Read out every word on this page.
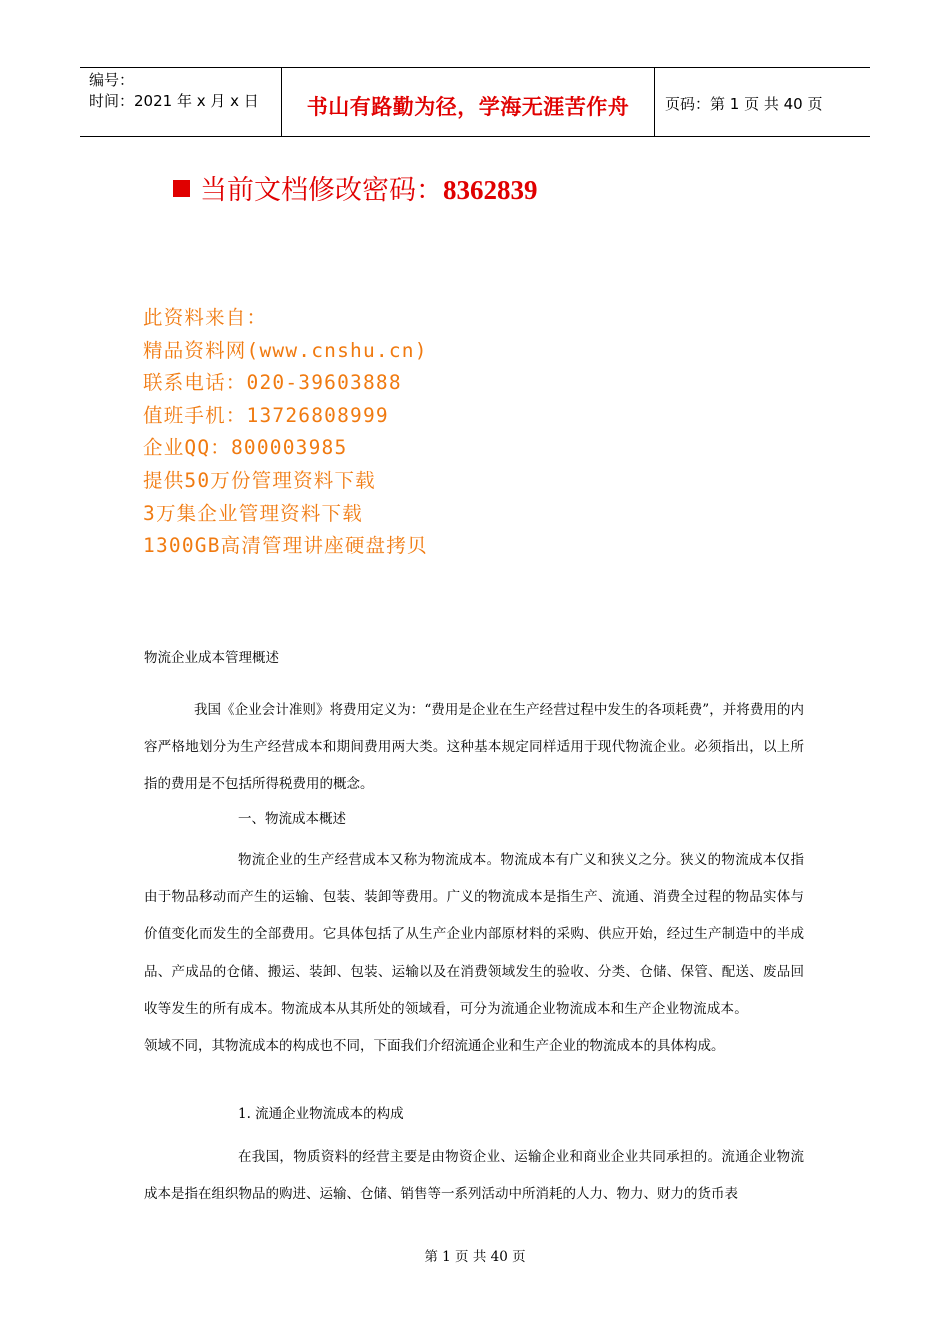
编号：
时间：2021 年 x 月 x 日	书山有路勤为径，学海无涯苦作舟	页码：第 1 页 共 40 页
当前文档修改密码：8362839
此资料来自：
精品资料网(www.cnshu.cn)
联系电话：020-39603888
值班手机：13726808999
企业QQ：800003985
提供50万份管理资料下载
3万集企业管理资料下载
1300GB高清管理讲座硬盘拷贝
物流企业成本管理概述
我国《企业会计准则》将费用定义为：“费用是企业在生产经营过程中发生的各项耗费”，并将费用的内容严格地划分为生产经营成本和期间费用两大类。这种基本规定同样适用于现代物流企业。必须指出，以上所指的费用是不包括所得税费用的概念。
一、物流成本概述
物流企业的生产经营成本又称为物流成本。物流成本有广义和狭义之分。狭义的物流成本仅指由于物品移动而产生的运输、包装、装卸等费用。广义的物流成本是指生产、流通、消费全过程的物品实体与价值变化而发生的全部费用。它具体包括了从生产企业内部原材料的采购、供应开始，经过生产制造中的半成品、产成品的仓储、搬运、装卸、包装、运输以及在消费领域发生的验收、分类、仓储、保管、配送、废品回收等发生的所有成本。物流成本从其所处的领域看，可分为流通企业物流成本和生产企业物流成本。领域不同，其物流成本的构成也不同，下面我们介绍流通企业和生产企业的物流成本的具体构成。
1. 流通企业物流成本的构成
在我国，物质资料的经营主要是由物资企业、运输企业和商业企业共同承担的。流通企业物流成本是指在组织物品的购进、运输、仓储、销售等一系列活动中所消耗的人力、物力、财力的货币表
第 1 页 共 40 页
